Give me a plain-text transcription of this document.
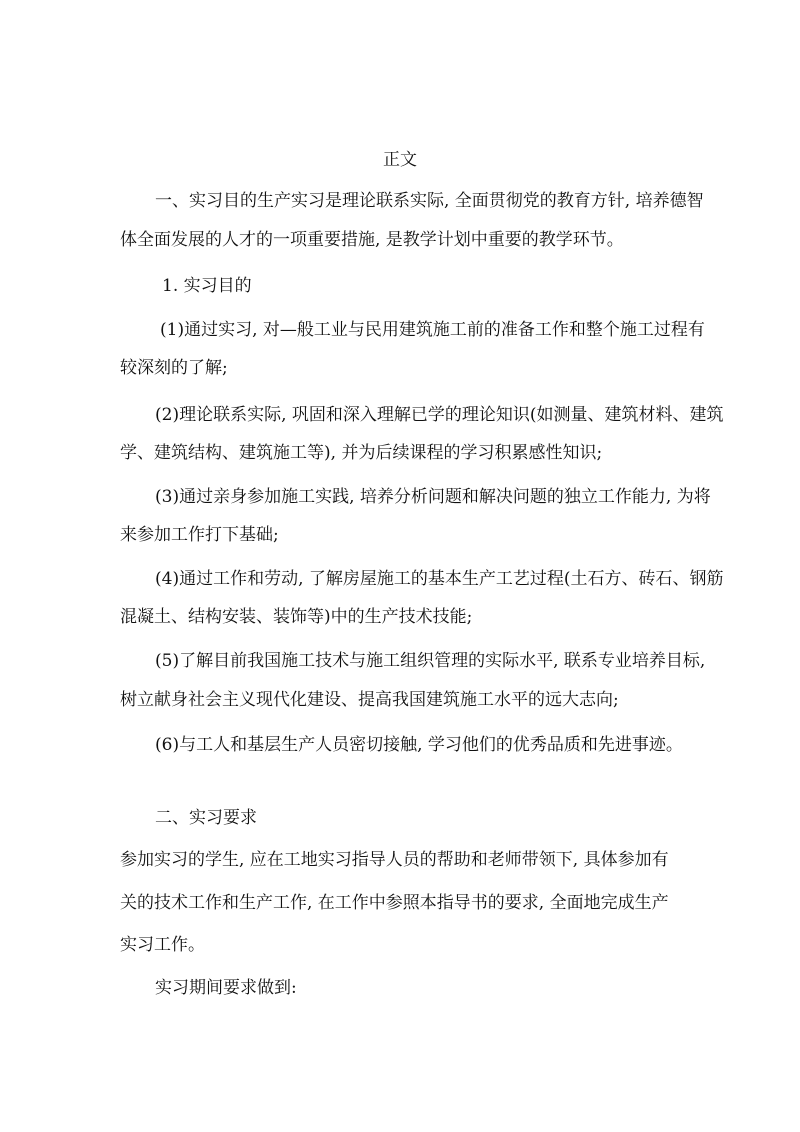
正文
一、实习目的生产实习是理论联系实际, 全面贯彻党的教育方针, 培养德智
体全面发展的人才的一项重要措施, 是教学计划中重要的教学环节。
1. 实习目的
(1)通过实习, 对—般工业与民用建筑施工前的准备工作和整个施工过程有
较深刻的了解;
(2)理论联系实际, 巩固和深入理解已学的理论知识(如测量、建筑材料、建筑
学、建筑结构、建筑施工等), 并为后续课程的学习积累感性知识;
(3)通过亲身参加施工实践, 培养分析问题和解决问题的独立工作能力, 为将
来参加工作打下基础;
(4)通过工作和劳动, 了解房屋施工的基本生产工艺过程(土石方、砖石、钢筋
混凝土、结构安装、装饰等)中的生产技术技能;
(5)了解目前我国施工技术与施工组织管理的实际水平, 联系专业培养目标,
树立献身社会主义现代化建设、提高我国建筑施工水平的远大志向;
(6)与工人和基层生产人员密切接触, 学习他们的优秀品质和先进事迹。
二、实习要求
参加实习的学生, 应在工地实习指导人员的帮助和老师带领下, 具体参加有
关的技术工作和生产工作, 在工作中参照本指导书的要求, 全面地完成生产
实习工作。
实习期间要求做到:
